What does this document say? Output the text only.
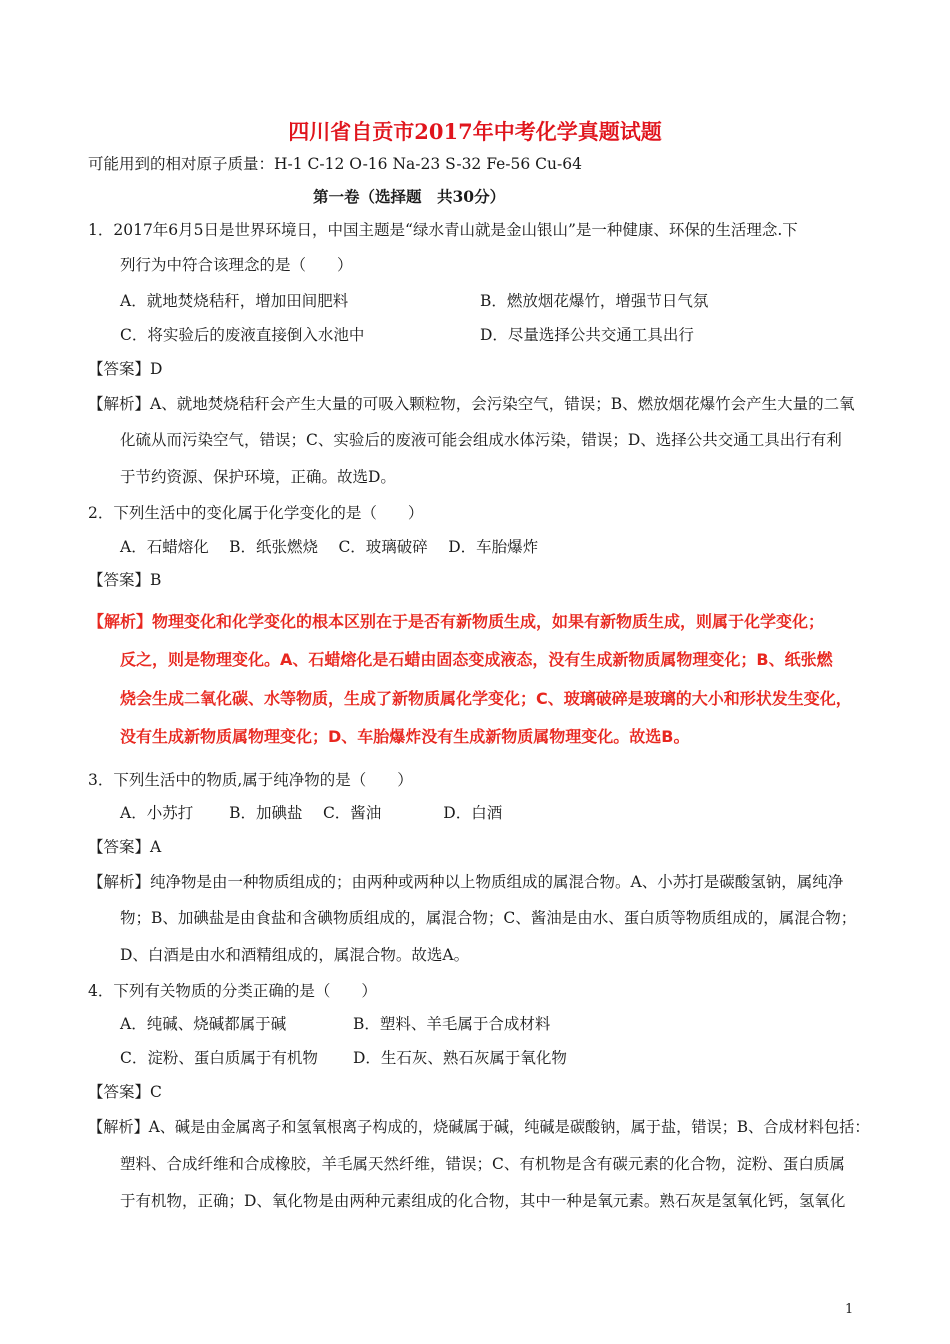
四川省自贡市2017年中考化学真题试题
可能用到的相对原子质量：H-1 C-12 O-16 Na-23 S-32 Fe-56 Cu-64
第一卷（选择题　共30分）
1．2017年6月5日是世界环境日，中国主题是“绿水青山就是金山银山”是一种健康、环保的生活理念.下
列行为中符合该理念的是（　　）
A．就地焚烧秸秆，增加田间肥料	B．燃放烟花爆竹，增强节日气氛
C．将实验后的废液直接倒入水池中	D．尽量选择公共交通工具出行
【答案】D
【解析】A、就地焚烧秸秆会产生大量的可吸入颗粒物，会污染空气，错误；B、燃放烟花爆竹会产生大量的二氧
化硫从而污染空气，错误；C、实验后的废液可能会组成水体污染，错误；D、选择公共交通工具出行有利
于节约资源、保护环境，正确。故选D。
2．下列生活中的变化属于化学变化的是（　　）
A．石蜡熔化　 B．纸张燃烧　 C．玻璃破碎　 D．车胎爆炸
【答案】B
【解析】物理变化和化学变化的根本区别在于是否有新物质生成，如果有新物质生成，则属于化学变化；
反之，则是物理变化。A、石蜡熔化是石蜡由固态变成液态，没有生成新物质属物理变化；B、纸张燃
烧会生成二氧化碳、水等物质，生成了新物质属化学变化；C、玻璃破碎是玻璃的大小和形状发生变化，
没有生成新物质属物理变化；D、车胎爆炸没有生成新物质属物理变化。故选B。
3．下列生活中的物质,属于纯净物的是（　　）
A．小苏打　　 B．加碘盐　 C．酱油　　　　D．白酒
【答案】A
【解析】纯净物是由一种物质组成的；由两种或两种以上物质组成的属混合物。A、小苏打是碳酸氢钠，属纯净
物；B、加碘盐是由食盐和含碘物质组成的，属混合物；C、酱油是由水、蛋白质等物质组成的，属混合物；
D、白酒是由水和酒精组成的，属混合物。故选A。
4．下列有关物质的分类正确的是（　　）
A．纯碱、烧碱都属于碱	B．塑料、羊毛属于合成材料
C．淀粉、蛋白质属于有机物 D．生石灰、熟石灰属于氧化物
【答案】C
【解析】A、碱是由金属离子和氢氧根离子构成的，烧碱属于碱，纯碱是碳酸钠，属于盐，错误；B、合成材料包括：
塑料、合成纤维和合成橡胶，羊毛属天然纤维，错误；C、有机物是含有碳元素的化合物，淀粉、蛋白质属
于有机物，正确；D、氧化物是由两种元素组成的化合物，其中一种是氧元素。熟石灰是氢氧化钙，氢氧化
1
